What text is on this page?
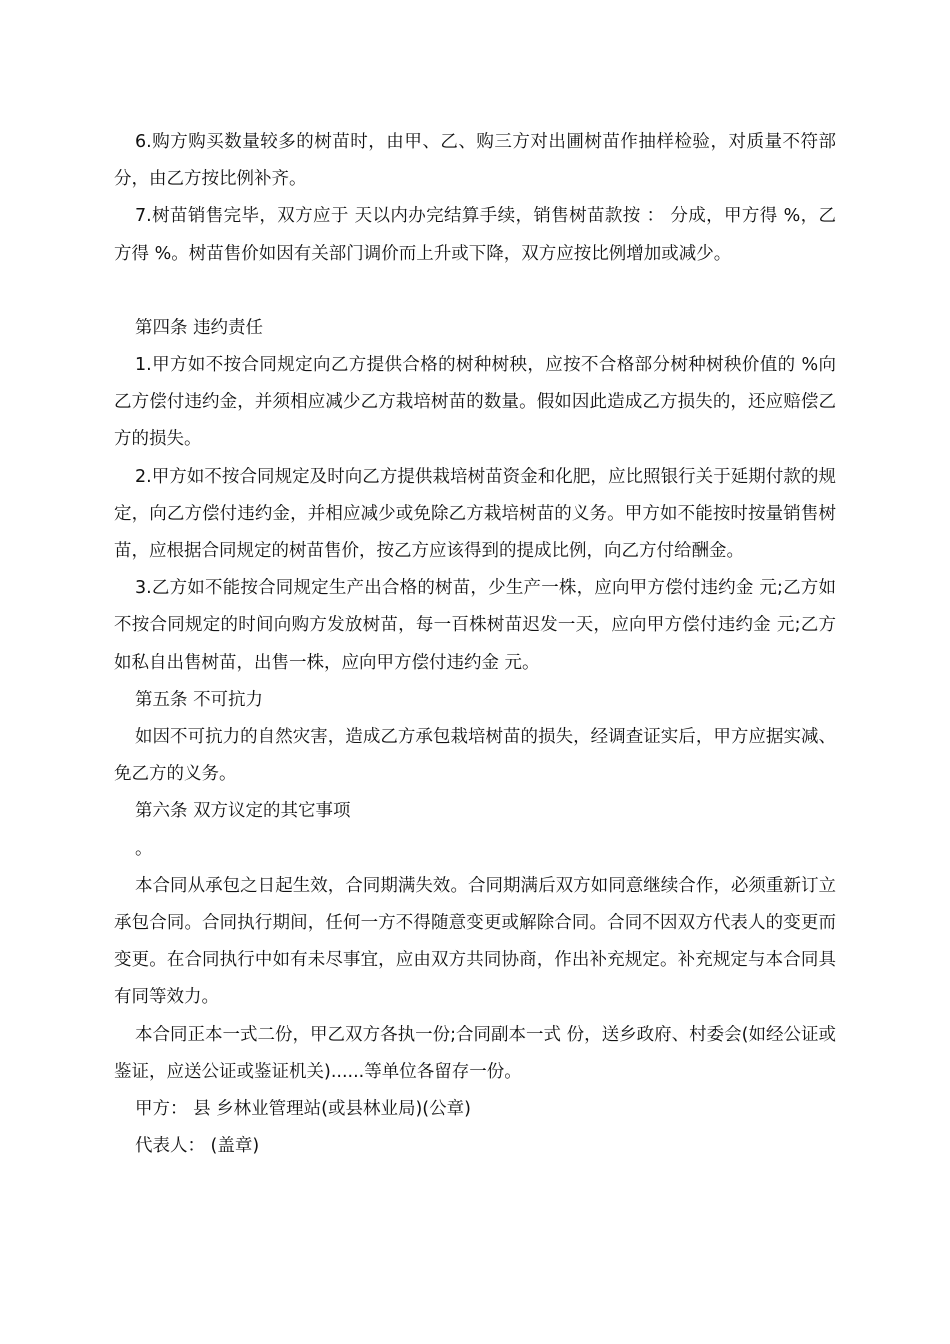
6.购方购买数量较多的树苗时，由甲、乙、购三方对出圃树苗作抽样检验，对质量不符部分，由乙方按比例补齐。

7.树苗销售完毕，双方应于 天以内办完结算手续，销售树苗款按 ： 分成，甲方得 %，乙方得 %。树苗售价如因有关部门调价而上升或下降，双方应按比例增加或减少。

第四条 违约责任

1.甲方如不按合同规定向乙方提供合格的树种树秧，应按不合格部分树种树秧价值的 %向乙方偿付违约金，并须相应减少乙方栽培树苗的数量。假如因此造成乙方损失的，还应赔偿乙方的损失。

2.甲方如不按合同规定及时向乙方提供栽培树苗资金和化肥，应比照银行关于延期付款的规定，向乙方偿付违约金，并相应减少或免除乙方栽培树苗的义务。甲方如不能按时按量销售树苗，应根据合同规定的树苗售价，按乙方应该得到的提成比例，向乙方付给酬金。

3.乙方如不能按合同规定生产出合格的树苗，少生产一株，应向甲方偿付违约金 元;乙方如不按合同规定的时间向购方发放树苗，每一百株树苗迟发一天，应向甲方偿付违约金 元;乙方如私自出售树苗，出售一株，应向甲方偿付违约金 元。

第五条 不可抗力

如因不可抗力的自然灾害，造成乙方承包栽培树苗的损失，经调查证实后，甲方应据实减、免乙方的义务。

第六条 双方议定的其它事项

。

本合同从承包之日起生效，合同期满失效。合同期满后双方如同意继续合作，必须重新订立承包合同。合同执行期间，任何一方不得随意变更或解除合同。合同不因双方代表人的变更而变更。在合同执行中如有未尽事宜，应由双方共同协商，作出补充规定。补充规定与本合同具有同等效力。

本合同正本一式二份，甲乙双方各执一份;合同副本一式 份，送乡政府、村委会(如经公证或鉴证，应送公证或鉴证机关)......等单位各留存一份。

甲方： 县 乡林业管理站(或县林业局)(公章)

代表人： (盖章)
